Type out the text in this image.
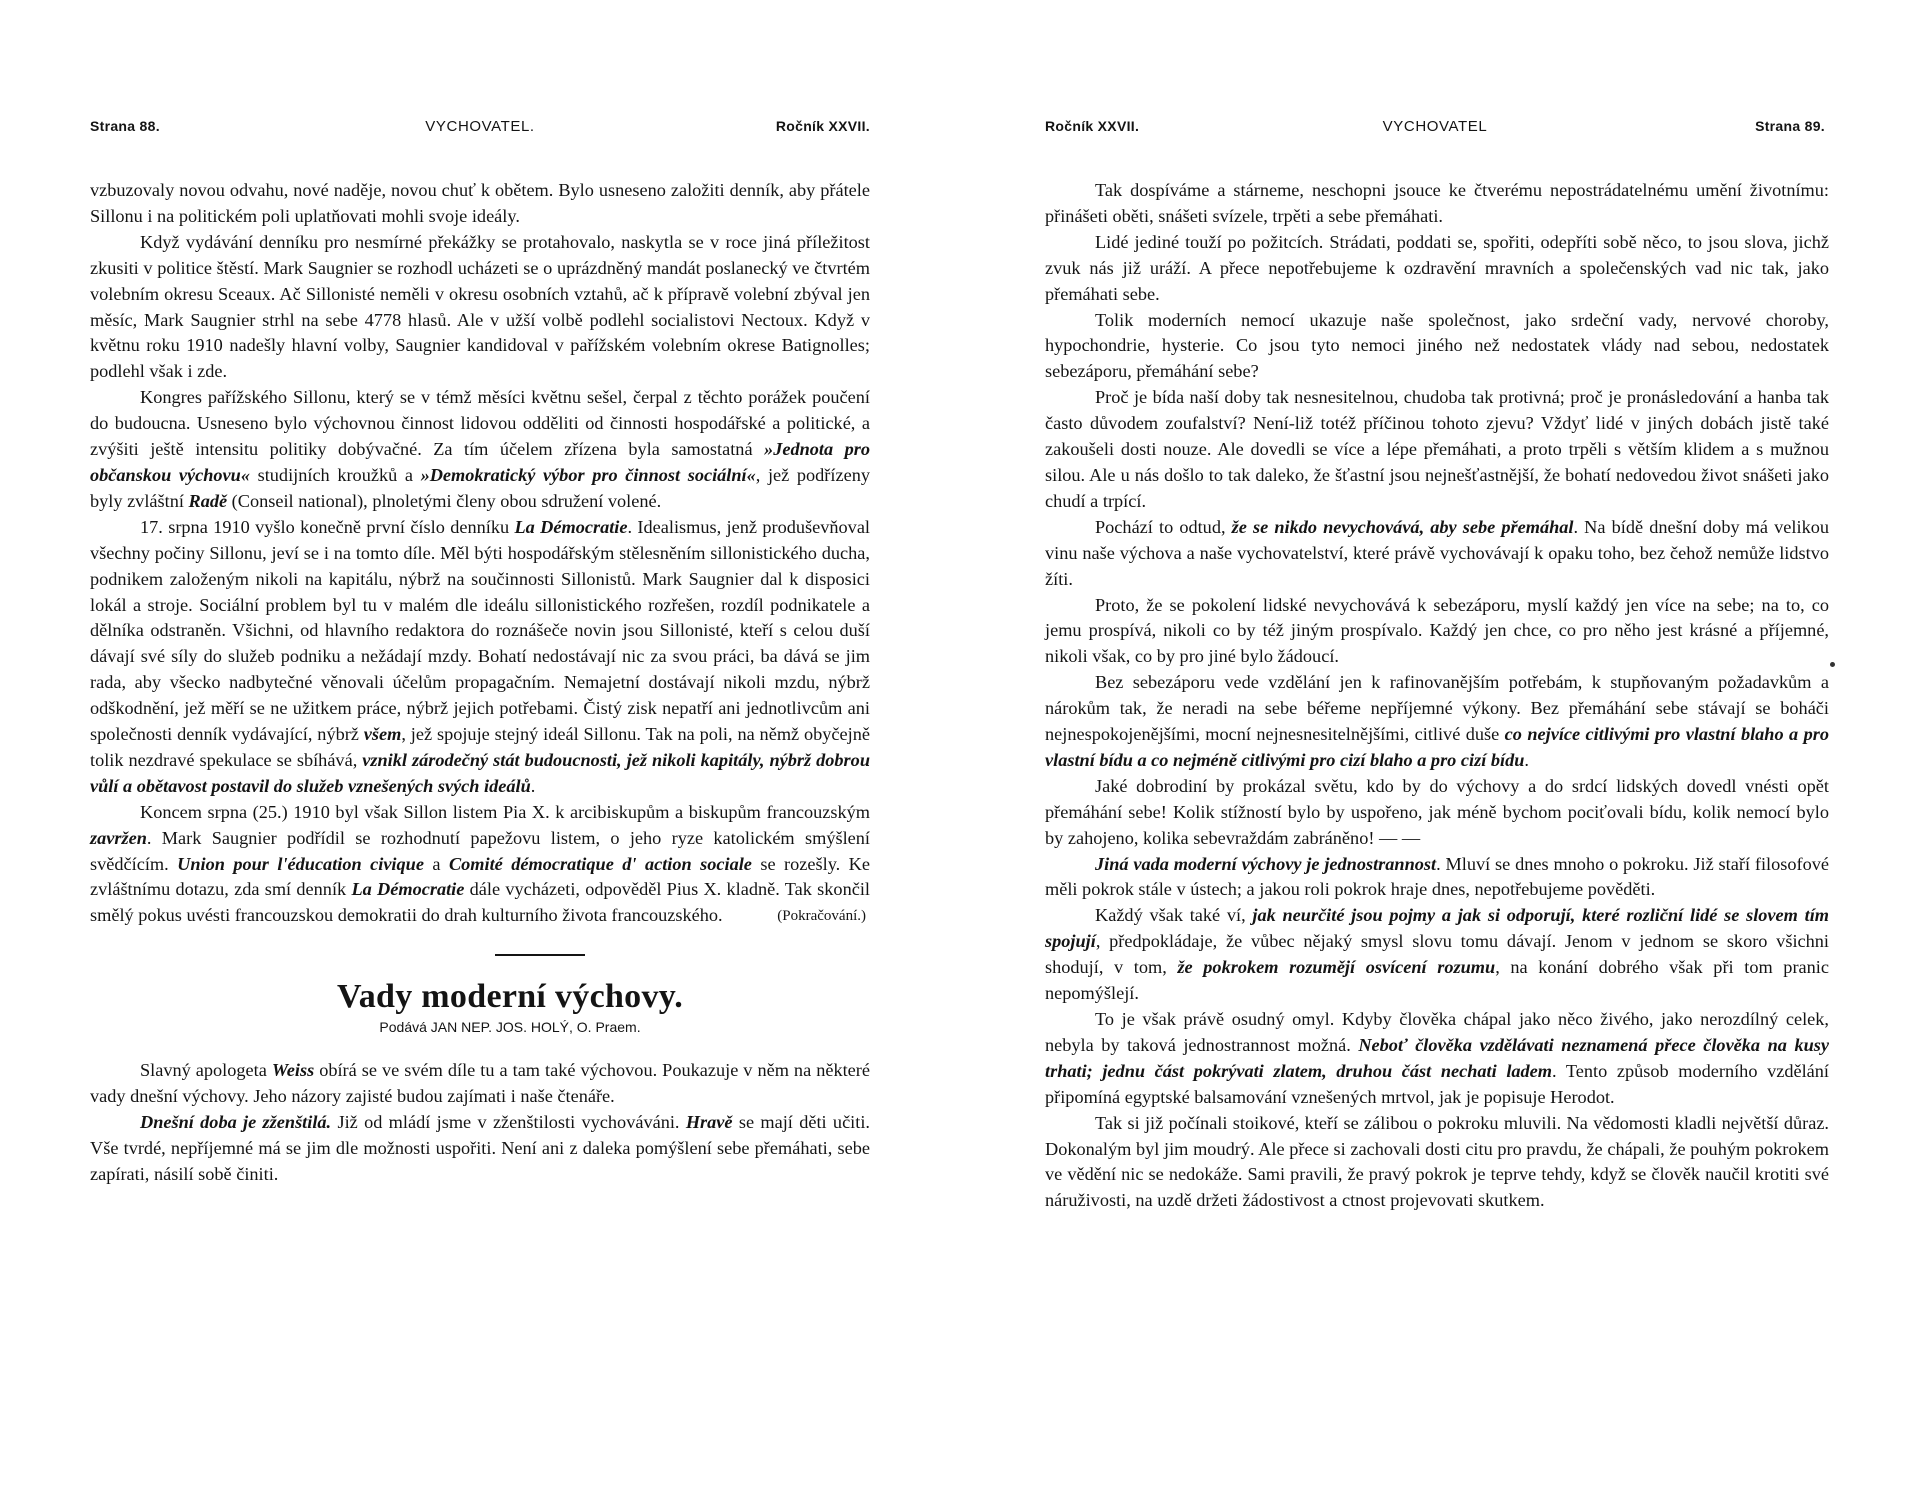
Strana 88.	VYCHOVATEL.	Ročník XXVII.

vzbuzovaly novou odvahu, nové naděje, novou chuť k obětem. Bylo usneseno založiti denník, aby přátele Sillonu i na politickém poli uplatňovati mohli svoje ideály.

Když vydávání denníku pro nesmírné překážky se protahovalo, naskytla se v roce jiná příležitost zkusiti v politice štěstí. Mark Saugnier se rozhodl ucházeti se o uprázdněný mandát poslanecký ve čtvrtém volebním okresu Sceaux. Ač Sillonisté neměli v okresu osobních vztahů, ač k přípravě volební zbýval jen měsíc, Mark Saugnier strhl na sebe 4778 hlasů. Ale v užší volbě podlehl socialistovi Nectoux. Když v květnu roku 1910 nadešly hlavní volby, Saugnier kandidoval v pařížském volebním okrese Batignolles; podlehl však i zde.

Kongres pařížského Sillonu, který se v témž měsíci květnu sešel, čerpal z těchto porážek poučení do budoucna. Usneseno bylo výchovnou činnost lidovou odděliti od činnosti hospodářské a politické, a zvýšiti ještě intensitu politiky dobývačné. Za tím účelem zřízena byla samostatná »Jednota pro občanskou výchovu« studijních kroužků a »Demokratický výbor pro činnost sociální«, jež podřízeny byly zvláštní Radě (Conseil national), plnoletými členy obou sdružení volené.

17. srpna 1910 vyšlo konečně první číslo denníku La Démocratie. Idealismus, jenž produševňoval všechny počiny Sillonu, jeví se i na tomto díle. Měl býti hospodářským stělesněním sillonistického ducha, podnikem založeným nikoli na kapitálu, nýbrž na součinnosti Sillonistů. Mark Saugnier dal k disposici lokál a stroje. Sociální problem byl tu v malém dle ideálu sillonistického rozřešen, rozdíl podnikatele a dělníka odstraněn. Všichni, od hlavního redaktora do roznášeče novin jsou Sillonisté, kteří s celou duší dávají své síly do služeb podniku a nežádají mzdy. Bohatí nedostávají nic za svou práci, ba dává se jim rada, aby všecko nadbytečné věnovali účelům propagačním. Nemajetní dostávají nikoli mzdu, nýbrž odškodnění, jež měří se ne užitkem práce, nýbrž jejich potřebami. Čistý zisk nepatří ani jednotlivcům ani společnosti denník vydávající, nýbrž všem, jež spojuje stejný ideál Sillonu. Tak na poli, na němž obyčejně tolik nezdravé spekulace se sbíhává, vznikl zárodečný stát budoucnosti, jež nikoli kapitály, nýbrž dobrou vůlí a obětavost postavil do služeb vznešených svých ideálů.

Koncem srpna (25.) 1910 byl však Sillon listem Pia X. k arcibiskupům a biskupům francouzským zavržen. Mark Saugnier podřídil se rozhodnutí papežovu listem, o jeho ryze katolickém smýšlení svědčícím. Union pour l'éducation civique a Comité démocratique d' action sociale se rozešly. Ke zvláštnímu dotazu, zda smí denník La Démocratie dále vycházeti, odpověděl Pius X. kladně. Tak skončil smělý pokus uvésti francouzskou demokratii do drah kulturního života francouzského.	(Pokračování.)
Vady moderní výchovy.
Podává JAN NEP. JOS. HOLÝ, O. Praem.

Slavný apologeta Weiss obírá se ve svém díle tu a tam také výchovou. Poukazuje v něm na některé vady dnešní výchovy. Jeho názory zajisté budou zajímati i naše čtenáře.

Dnešní doba je zženštilá. Již od mládí jsme v zženštilosti vychováváni. Hravě se mají děti učiti. Vše tvrdé, nepříjemné má se jim dle možnosti uspořiti. Není ani z daleka pomýšlení sebe přemáhati, sebe zapírati, násilí sobě činiti.

Ročník XXVII.	VYCHOVATEL	Strana 89.

Tak dospíváme a stárneme, neschopni jsouce ke čtverému nepostrádatelnému umění životnímu: přinášeti oběti, snášeti svízele, trpěti a sebe přemáhati.

Lidé jediné touží po požitcích. Strádati, poddati se, spořiti, odepříti sobě něco, to jsou slova, jichž zvuk nás již uráží. A přece nepotřebujeme k ozdravění mravních a společenských vad nic tak, jako přemáhati sebe.

Tolik moderních nemocí ukazuje naše společnost, jako srdeční vady, nervové choroby, hypochondrie, hysterie. Co jsou tyto nemoci jiného než nedostatek vlády nad sebou, nedostatek sebezáporu, přemáhání sebe?

Proč je bída naší doby tak nesnesitelnou, chudoba tak protivná; proč je pronásledování a hanba tak často důvodem zoufalství? Není-liž totéž příčinou tohoto zjevu? Vždyť lidé v jiných dobách jistě také zakoušeli dosti nouze. Ale dovedli se více a lépe přemáhati, a proto trpěli s větším klidem a s mužnou silou. Ale u nás došlo to tak daleko, že šťastní jsou nejnešťastnější, že bohatí nedovedou život snášeti jako chudí a trpící.

Pochází to odtud, že se nikdo nevychovává, aby sebe přemáhal. Na bídě dnešní doby má velikou vinu naše výchova a naše vychovatelství, které právě vychovávají k opaku toho, bez čehož nemůže lidstvo žíti.

Proto, že se pokolení lidské nevychovává k sebezáporu, myslí každý jen více na sebe; na to, co jemu prospívá, nikoli co by též jiným prospívalo. Každý jen chce, co pro něho jest krásné a příjemné, nikoli však, co by pro jiné bylo žádoucí.

Bez sebezáporu vede vzdělání jen k rafinovanějším potřebám, k stupňovaným požadavkům a nárokům tak, že neradi na sebe béřeme nepříjemné výkony. Bez přemáhání sebe stávají se boháči nejnespokojenějšími, mocní nejnesnesitelnějšími, citlivé duše co nejvíce citlivými pro vlastní blaho a pro vlastní bídu a co nejméně citlivými pro cizí blaho a pro cizí bídu.

Jaké dobrodiní by prokázal světu, kdo by do výchovy a do srdcí lidských dovedl vnésti opět přemáhání sebe! Kolik stížností bylo by uspořeno, jak méně bychom pociťovali bídu, kolik nemocí bylo by zahojeno, kolika sebevraždám zabráněno! — —

Jiná vada moderní výchovy je jednostrannost. Mluví se dnes mnoho o pokroku. Již staří filosofové měli pokrok stále v ústech; a jakou roli pokrok hraje dnes, nepotřebujeme pověděti.

Každý však také ví, jak neurčité jsou pojmy a jak si odporují, které rozliční lidé se slovem tím spojují, předpokládaje, že vůbec nějaký smysl slovu tomu dávají. Jenom v jednom se skoro všichni shodují, v tom, že pokrokem rozumějí osvícení rozumu, na konání dobrého však při tom pranic nepomýšlejí.

To je však právě osudný omyl. Kdyby člověka chápal jako něco živého, jako nerozdílný celek, nebyla by taková jednostrannost možná. Neboť člověka vzdělávati neznamená přece člověka na kusy trhati; jednu část pokrývati zlatem, druhou část nechati ladem. Tento způsob moderního vzdělání připomíná egyptské balsamování vznešených mrtvol, jak je popisuje Herodot.

Tak si již počínali stoikové, kteří se zálibou o pokroku mluvili. Na vědomosti kladli největší důraz. Dokonalým byl jim moudrý. Ale přece si zachovali dosti citu pro pravdu, že chápali, že pouhým pokrokem ve vědění nic se nedokáže. Sami pravili, že pravý pokrok je teprve tehdy, když se člověk naučil krotiti své náruživosti, na uzdě držeti žádostivost a ctnost projevovati skutkem.
